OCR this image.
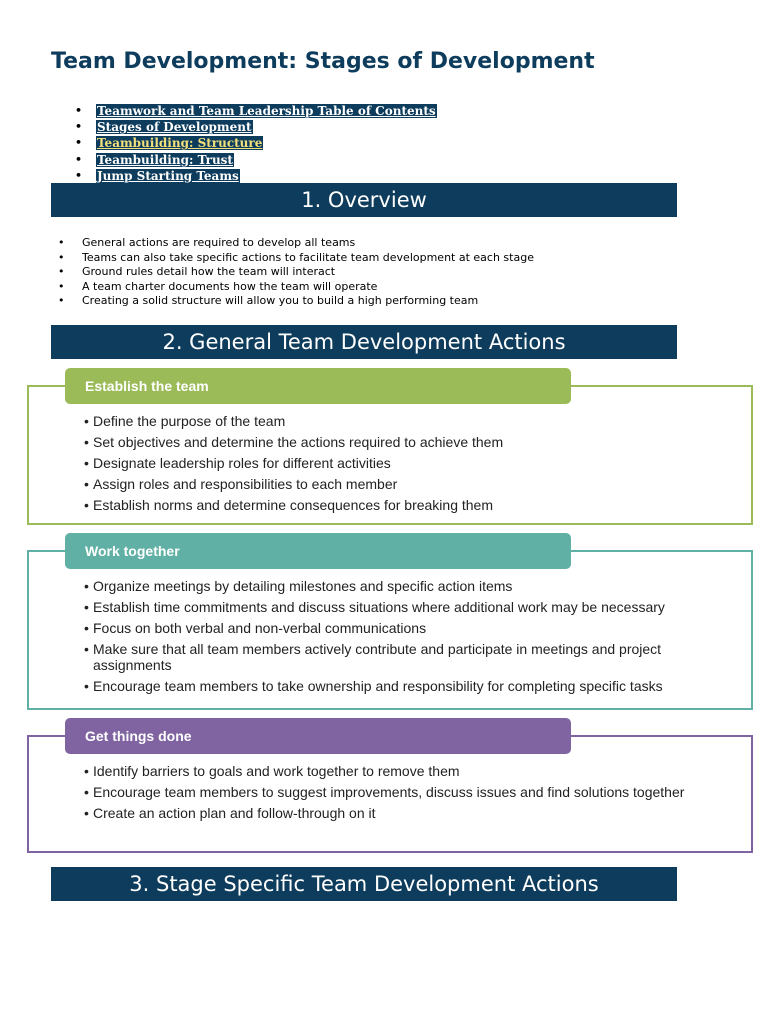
Team Development: Stages of Development
• Teamwork and Team Leadership Table of Contents
• Stages of Development
• Teambuilding: Structure
• Teambuilding: Trust
• Jump Starting Teams
1. Overview
• General actions are required to develop all teams
• Teams can also take specific actions to facilitate team development at each stage
• Ground rules detail how the team will interact
• A team charter documents how the team will operate
• Creating a solid structure will allow you to build a high performing team
2. General Team Development Actions
Establish the team
• Define the purpose of the team
• Set objectives and determine the actions required to achieve them
• Designate leadership roles for different activities
• Assign roles and responsibilities to each member
• Establish norms and determine consequences for breaking them
Work together
• Organize meetings by detailing milestones and specific action items
• Establish time commitments and discuss situations where additional work may be necessary
• Focus on both verbal and non-verbal communications
• Make sure that all team members actively contribute and participate in meetings and project assignments
• Encourage team members to take ownership and responsibility for completing specific tasks
Get things done
• Identify barriers to goals and work together to remove them
• Encourage team members to suggest improvements, discuss issues and find solutions together
• Create an action plan and follow-through on it
3. Stage Specific Team Development Actions
